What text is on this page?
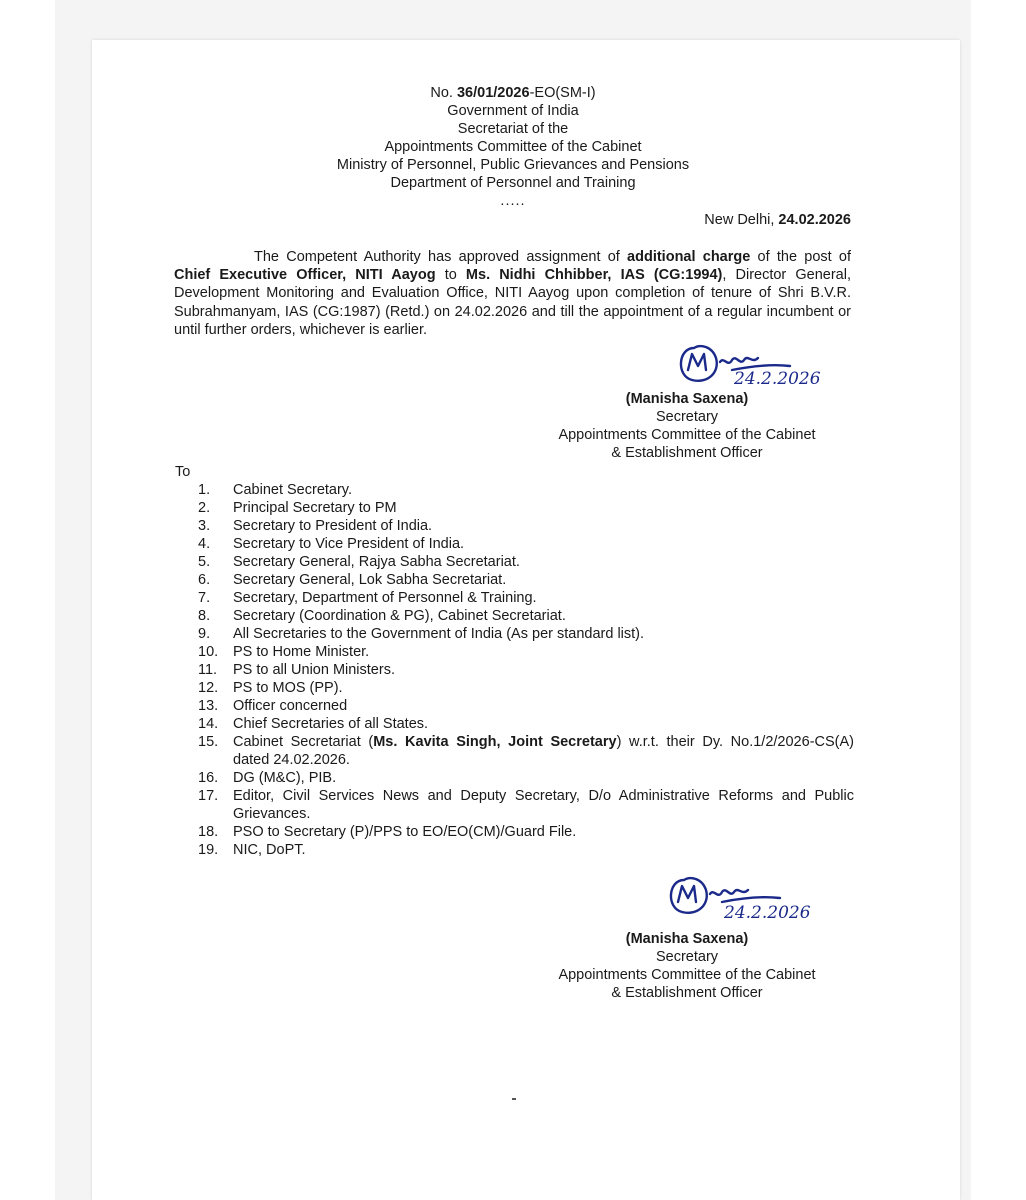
No. 36/01/2026-EO(SM-I)
Government of India
Secretariat of the
Appointments Committee of the Cabinet
Ministry of Personnel, Public Grievances and Pensions
Department of Personnel and Training
.....
New Delhi, 24.02.2026
The Competent Authority has approved assignment of additional charge of the post of Chief Executive Officer, NITI Aayog to Ms. Nidhi Chhibber, IAS (CG:1994), Director General, Development Monitoring and Evaluation Office, NITI Aayog upon completion of tenure of Shri B.V.R. Subrahmanyam, IAS (CG:1987) (Retd.) on 24.02.2026 and till the appointment of a regular incumbent or until further orders, whichever is earlier.
24.2.2026
(Manisha Saxena)
Secretary
Appointments Committee of the Cabinet
& Establishment Officer
To
1.	Cabinet Secretary.
2.	Principal Secretary to PM
3.	Secretary to President of India.
4.	Secretary to Vice President of India.
5.	Secretary General, Rajya Sabha Secretariat.
6.	Secretary General, Lok Sabha Secretariat.
7.	Secretary, Department of Personnel & Training.
8.	Secretary (Coordination & PG), Cabinet Secretariat.
9.	All Secretaries to the Government of India (As per standard list).
10.	PS to Home Minister.
11.	PS to all Union Ministers.
12.	PS to MOS (PP).
13.	Officer concerned
14.	Chief Secretaries of all States.
15.	Cabinet Secretariat (Ms. Kavita Singh, Joint Secretary) w.r.t. their Dy. No.1/2/2026-CS(A) dated 24.02.2026.
16.	DG (M&C), PIB.
17.	Editor, Civil Services News and Deputy Secretary, D/o Administrative Reforms and Public Grievances.
18.	PSO to Secretary (P)/PPS to EO/EO(CM)/Guard File.
19.	NIC, DoPT.
24.2.2026
(Manisha Saxena)
Secretary
Appointments Committee of the Cabinet
& Establishment Officer
